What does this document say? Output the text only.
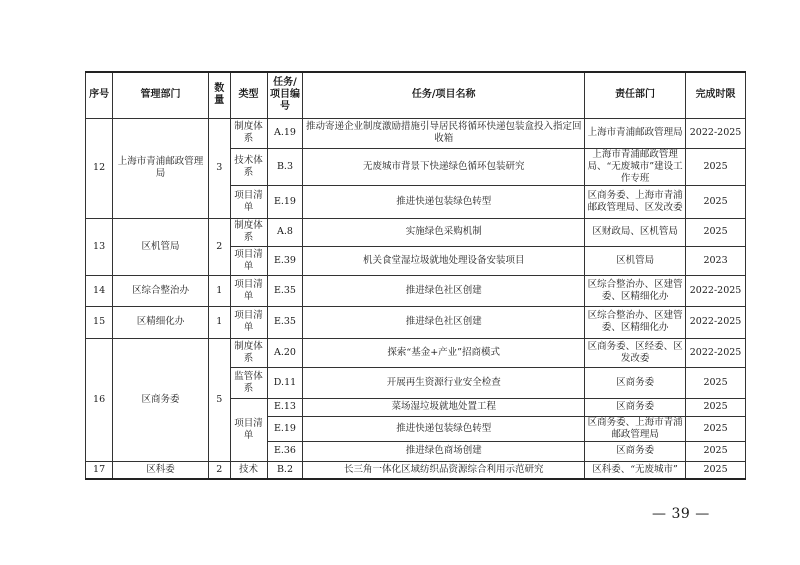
序号	管理部门	数量	类型	任务/项目编号	任务/项目名称	责任部门	完成时限
12	上海市青浦邮政管理局	3	制度体系	A.19	推动寄递企业制度激励措施引导居民将循环快递包装盒投入指定回收箱	上海市青浦邮政管理局	2022-2025
			技术体系	B.3	无废城市背景下快递绿色循环包装研究	上海市青浦邮政管理局、“无废城市”建设工作专班	2025
			项目清单	E.19	推进快递包装绿色转型	区商务委、上海市青浦邮政管理局、区发改委	2025
13	区机管局	2	制度体系	A.8	实施绿色采购机制	区财政局、区机管局	2025
			项目清单	E.39	机关食堂湿垃圾就地处理设备安装项目	区机管局	2023
14	区综合整治办	1	项目清单	E.35	推进绿色社区创建	区综合整治办、区建管委、区精细化办	2022-2025
15	区精细化办	1	项目清单	E.35	推进绿色社区创建	区综合整治办、区建管委、区精细化办	2022-2025
16	区商务委	5	制度体系	A.20	探索“基金+产业”招商模式	区商务委、区经委、区发改委	2022-2025
			监管体系	D.11	开展再生资源行业安全检查	区商务委	2025
			项目清单	E.13	菜场湿垃圾就地处置工程	区商务委	2025
				E.19	推进快递包装绿色转型	区商务委、上海市青浦邮政管理局	2025
				E.36	推进绿色商场创建	区商务委	2025
17	区科委	2	技术	B.2	长三角一体化区域纺织品资源综合利用示范研究	区科委、“无废城市”	2025
— 39 —
